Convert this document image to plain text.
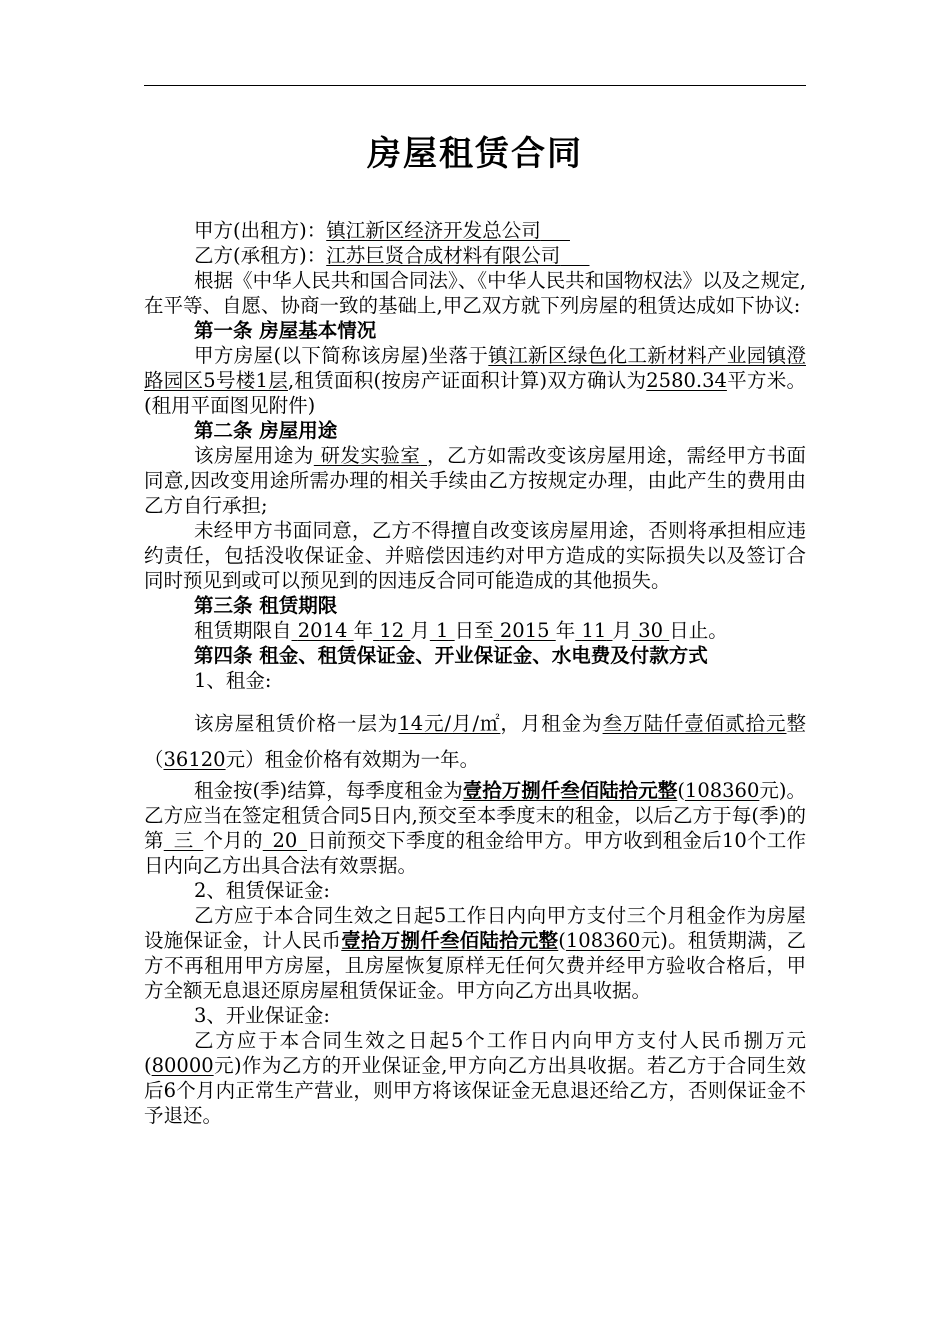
房屋租赁合同

甲方(出租方)：镇江新区经济开发总公司  

乙方(承租方)：江苏巨贤合成材料有限公司  

根据《中华人民共和国合同法》、《中华人民共和国物权法》以及之规定,在平等、自愿、协商一致的基础上,甲乙双方就下列房屋的租赁达成如下协议:

第一条 房屋基本情况

甲方房屋(以下简称该房屋)坐落于镇江新区绿色化工新材料产业园镇澄路园区5号楼1层,租赁面积(按房产证面积计算)双方确认为2580.34平方米。(租用平面图见附件)

第二条 房屋用途

该房屋用途为 研发实验室 ，乙方如需改变该房屋用途，需经甲方书面同意,因改变用途所需办理的相关手续由乙方按规定办理，由此产生的费用由乙方自行承担;

未经甲方书面同意，乙方不得擅自改变该房屋用途，否则将承担相应违约责任，包括没收保证金、并赔偿因违约对甲方造成的实际损失以及签订合同时预见到或可以预见到的因违反合同可能造成的其他损失。

第三条 租赁期限

租赁期限自 2014 年 12 月 1 日至 2015 年 11 月 30 日止。

第四条 租金、租赁保证金、开业保证金、水电费及付款方式

1、租金:

该房屋租赁价格一层为14元/月/㎡，月租金为叁万陆仟壹佰贰拾元整（36120元）租金价格有效期为一年。

租金按(季)结算，每季度租金为壹拾万捌仟叁佰陆拾元整(108360元)。乙方应当在签定租赁合同5日内,预交至本季度末的租金，以后乙方于每(季)的第  三  个月的  20  日前预交下季度的租金给甲方。甲方收到租金后10个工作日内向乙方出具合法有效票据。

2、租赁保证金:

乙方应于本合同生效之日起5工作日内向甲方支付三个月租金作为房屋设施保证金，计人民币壹拾万捌仟叁佰陆拾元整(108360元)。租赁期满，乙方不再租用甲方房屋，且房屋恢复原样无任何欠费并经甲方验收合格后，甲方全额无息退还原房屋租赁保证金。甲方向乙方出具收据。

3、开业保证金:

乙方应于本合同生效之日起5个工作日内向甲方支付人民币捌万元(80000元)作为乙方的开业保证金,甲方向乙方出具收据。若乙方于合同生效后6个月内正常生产营业，则甲方将该保证金无息退还给乙方，否则保证金不予退还。
